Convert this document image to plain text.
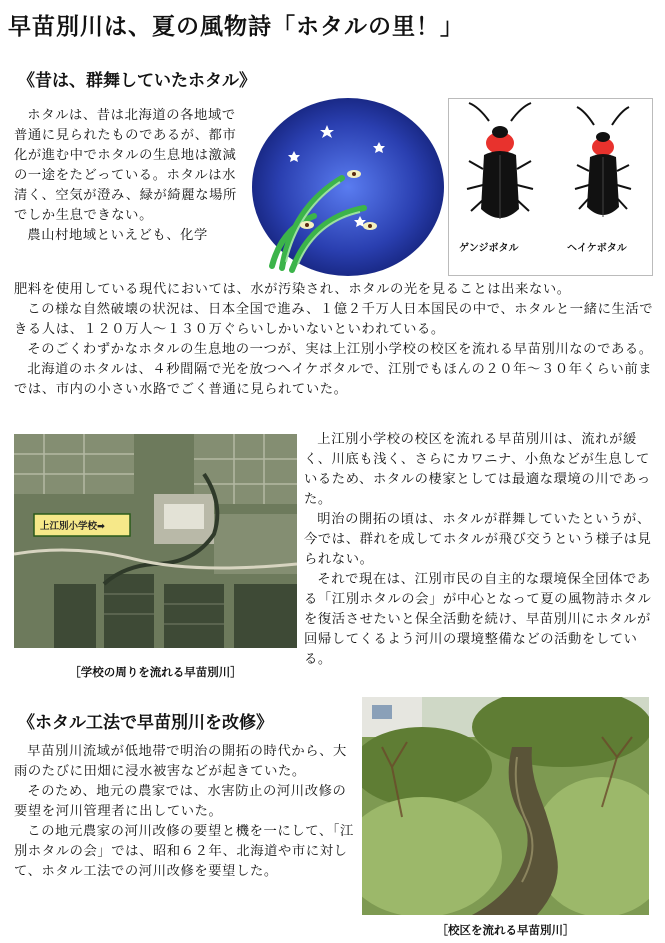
早苗別川は、夏の風物詩「ホタルの里！」
《昔は、群舞していたホタル》
ゲンジボタル	ヘイケボタル

ホタルは、昔は北海道の各地域で普通に見られたものであるが、都市化が進む中でホタルの生息地は激減の一途をたどっている。ホタルは水清く、空気が澄み、緑が綺麗な場所でしか生息できない。

農山村地域といえども、化学

肥料を使用している現代においては、水が汚染され、ホタルの光を見ることは出来ない。

この様な自然破壊の状況は、日本全国で進み、１億２千万人日本国民の中で、ホタルと一緒に生活できる人は、１２０万人～１３０万ぐらいしかいないといわれている。

そのごくわずかなホタルの生息地の一つが、実は上江別小学校の校区を流れる早苗別川なのである。

北海道のホタルは、４秒間隔で光を放つへイケボタルで、江別でもほんの２０年～３０年くらい前までは、市内の小さい水路でごく普通に見られていた。

上江別小学校➡
［学校の周りを流れる早苗別川］

上江別小学校の校区を流れる早苗別川は、流れが緩く、川底も浅く、さらにカワニナ、小魚などが生息しているため、ホタルの棲家としては最適な環境の川であった。

明治の開拓の頃は、ホタルが群舞していたというが、今では、群れを成してホタルが飛び交うという様子は見られない。

それで現在は、江別市民の自主的な環境保全団体である「江別ホタルの会」が中心となって夏の風物詩ホタルを復活させたいと保全活動を続け、早苗別川にホタルが回帰してくるよう河川の環境整備などの活動をしている。

《ホタル工法で早苗別川を改修》

早苗別川流域が低地帯で明治の開拓の時代から、大雨のたびに田畑に浸水被害などが起きていた。

そのため、地元の農家では、水害防止の河川改修の要望を河川管理者に出していた。

この地元農家の河川改修の要望と機を一にして、「江別ホタルの会」では、昭和６２年、北海道や市に対して、ホタル工法での河川改修を要望した。

［校区を流れる早苗別川］
